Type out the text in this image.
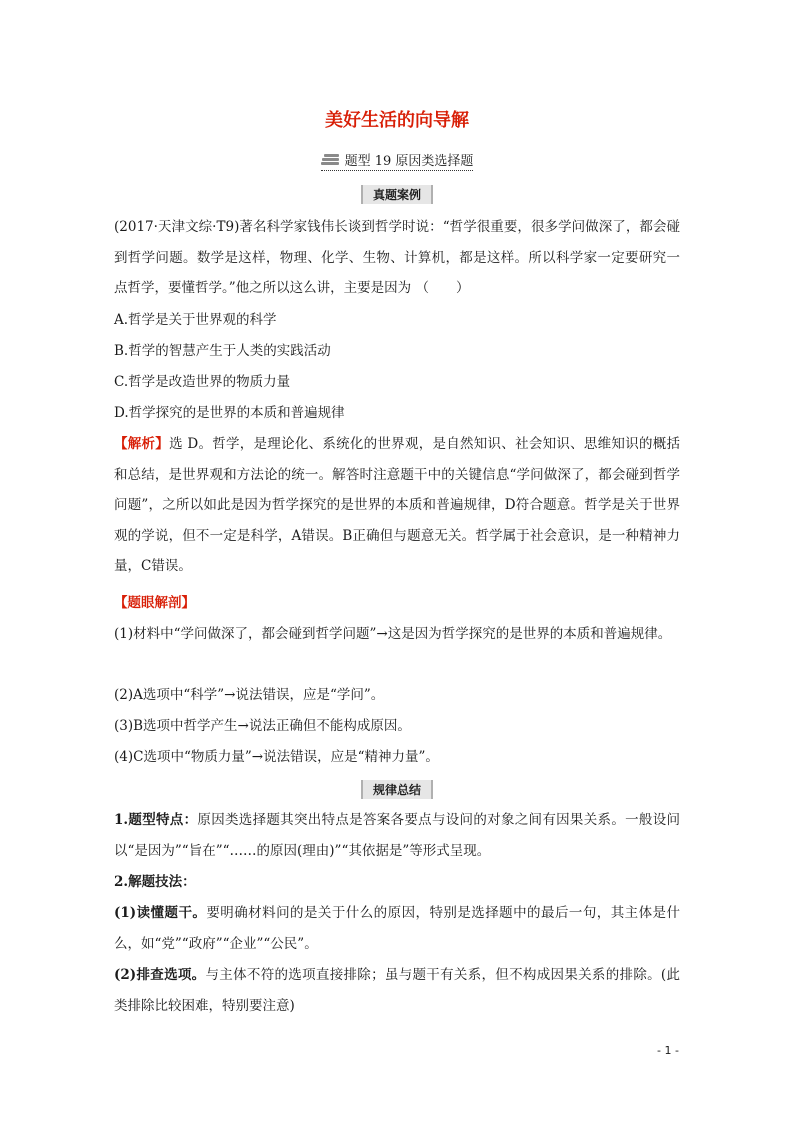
美好生活的向导解
题型 19 原因类选择题
真题案例

(2017·天津文综·T9)著名科学家钱伟长谈到哲学时说：“哲学很重要，很多学问做深了，都会碰到哲学问题。数学是这样，物理、化学、生物、计算机，都是这样。所以科学家一定要研究一点哲学，要懂哲学。”他之所以这么讲，主要是因为 （　　）

A.哲学是关于世界观的科学

B.哲学的智慧产生于人类的实践活动

C.哲学是改造世界的物质力量

D.哲学探究的是世界的本质和普遍规律

【解析】选 D。哲学，是理论化、系统化的世界观，是自然知识、社会知识、思维知识的概括和总结，是世界观和方法论的统一。解答时注意题干中的关键信息“学问做深了，都会碰到哲学问题”，之所以如此是因为哲学探究的是世界的本质和普遍规律，D符合题意。哲学是关于世界观的学说，但不一定是科学，A错误。B正确但与题意无关。哲学属于社会意识，是一种精神力量，C错误。

【题眼解剖】

(1)材料中“学问做深了，都会碰到哲学问题”→这是因为哲学探究的是世界的本质和普遍规律。

(2)A选项中“科学”→说法错误，应是“学问”。

(3)B选项中哲学产生→说法正确但不能构成原因。

(4)C选项中“物质力量”→说法错误，应是“精神力量”。

规律总结

1.题型特点：原因类选择题其突出特点是答案各要点与设问的对象之间有因果关系。一般设问以“是因为”“旨在”“……的原因(理由)”“其依据是”等形式呈现。

2.解题技法：

(1)读懂题干。要明确材料问的是关于什么的原因，特别是选择题中的最后一句，其主体是什么，如“党”“政府”“企业”“公民”。

(2)排查选项。与主体不符的选项直接排除；虽与题干有关系，但不构成因果关系的排除。(此类排除比较困难，特别要注意)

- 1 -
